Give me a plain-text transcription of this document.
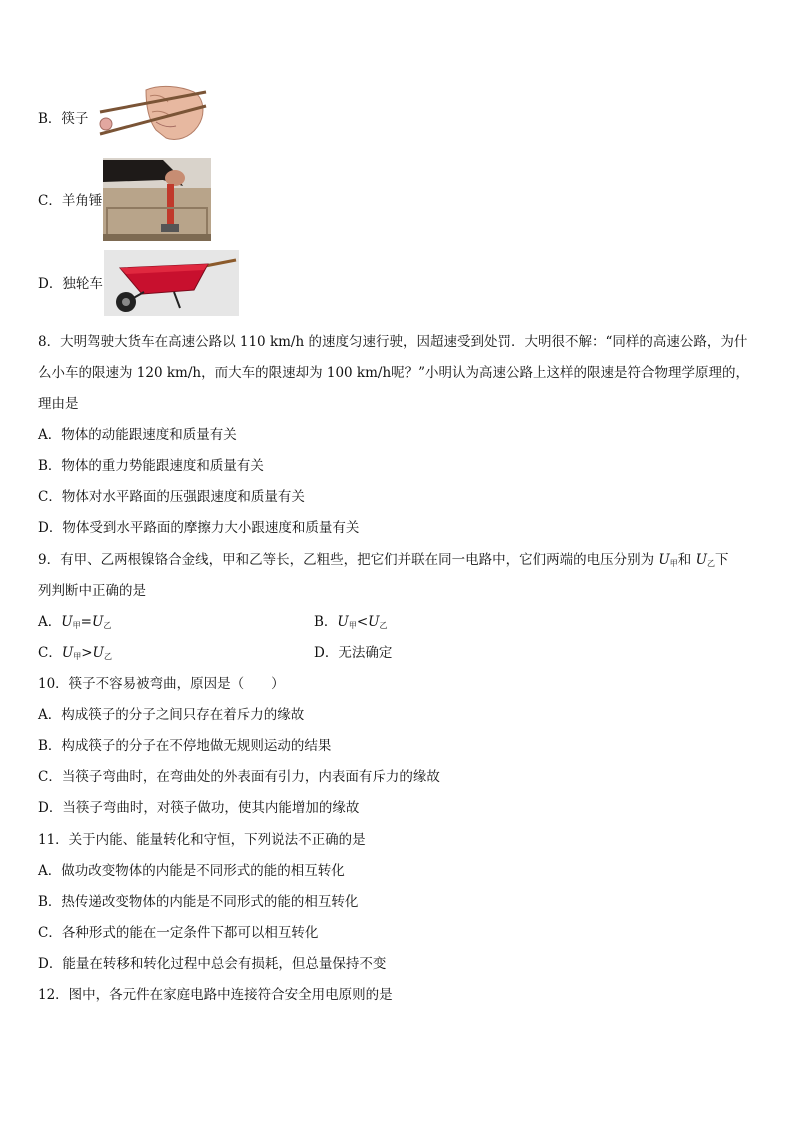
B．筷子
C．羊角锤
D．独轮车
8．大明驾驶大货车在高速公路以 110 km/h 的速度匀速行驶，因超速受到处罚．大明很不解：“同样的高速公路，为什
么小车的限速为 120 km/h，而大车的限速却为 100 km/h呢？”小明认为高速公路上这样的限速是符合物理学原理的，
理由是
A．物体的动能跟速度和质量有关
B．物体的重力势能跟速度和质量有关
C．物体对水平路面的压强跟速度和质量有关
D．物体受到水平路面的摩擦力大小跟速度和质量有关
9．有甲、乙两根镍铬合金线，甲和乙等长，乙粗些，把它们并联在同一电路中，它们两端的电压分别为 $U_甲$和 $U_乙$下
列判断中正确的是
A．$U_甲=U_乙$	B．$U_甲<U_乙$
C．$U_甲>U_乙$	D．无法确定
10．筷子不容易被弯曲，原因是（　　）
A．构成筷子的分子之间只存在着斥力的缘故
B．构成筷子的分子在不停地做无规则运动的结果
C．当筷子弯曲时，在弯曲处的外表面有引力，内表面有斥力的缘故
D．当筷子弯曲时，对筷子做功，使其内能增加的缘故
11．关于内能、能量转化和守恒，下列说法不正确的是
A．做功改变物体的内能是不同形式的能的相互转化
B．热传递改变物体的内能是不同形式的能的相互转化
C．各种形式的能在一定条件下都可以相互转化
D．能量在转移和转化过程中总会有损耗，但总量保持不变
12．图中，各元件在家庭电路中连接符合安全用电原则的是
